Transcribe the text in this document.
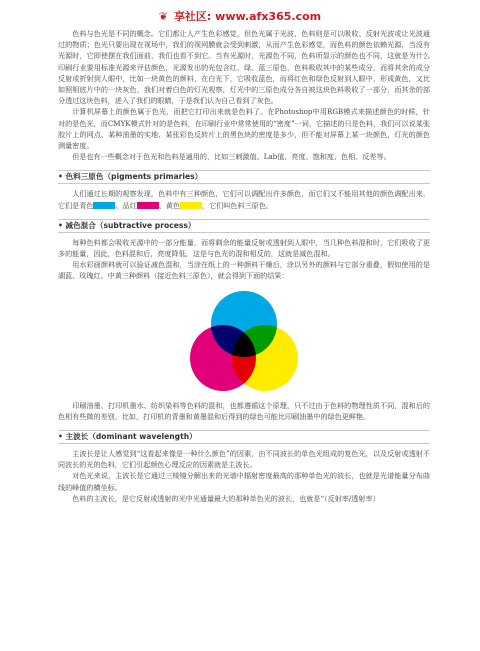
❦ 享社区: www.afx365.com

色料与色光是不同的概念。它们都让人产生色彩感觉，但色光属于光波，色料则是可以吸收、反射光波或让光波通过的物质；色光只要出现在视场中，我们的视网膜就会受到刺激，从而产生色彩感觉，而色料的颜色依赖光源，当没有光源时，它即使摆在我们面前，我们也看不到它。当有光源时，光源色不同，色料所显示的颜色也不同，这就是为什么印刷行业要用标准光源来评估颜色，光源发出的光包含红、绿、蓝三原色，色料吸收其中的某些成分，而将其余的成分反射或折射到人眼中，比如一块黄色的颜料，在白光下，它吸收蓝色，而将红色和绿色反射到人眼中，形成黄色，又比如照相底片中的一块灰色，我们对着白色的灯光观察，灯光中的三原色成分各自被这块色料吸收了一部分，而其余的部分透过这块色料，进入了我们的眼睛，于是我们认为自己看到了灰色。

计算机屏幕上的颜色属于色光，而把它打印出来就是色料了。在Photoshop中用RGB模式来描述颜色的时候，针对的是色光，而CMYK模式针对的是色料，在印刷行业中常常使用的“密度”一词，它描述的只是色料，我们可以说某张胶片上的网点、某种油墨的实地、某张彩色反转片上的黑色块的密度是多少，但不能对屏幕上某一块颜色，灯光的颜色测量密度。

但是也有一些概念对于色光和色料是通用的，比如三刺激值、Lab值、亮度、饱和度、色相、反差等。

• 色料三原色（pigments primaries）

人们通过长期的观察发现，色料中有三种颜色，它们可以调配出许多颜色，而它们又不能用其他的颜色调配出来，它们是青色	、品红	、黄色	，它们叫色料三原色。

• 减色混合（subtractive process）

每种色料都会吸收光源中的一部分能量，而将剩余的能量反射或透射到人眼中，当几种色料混和时，它们吸收了更多的能量，因此，色料混和后，亮度降低，这是与色光的混和相反的，这就是减色混和。

用水彩画颜料就可以验证减色混和，当涂在纸上的一种颜料干燥后，涂以另外的颜料与它部分重叠，假如使用的是湖蓝、玫瑰红、中黄三种颜料（接近色料三原色），就会得到下面的结果：

印刷油墨、打印机墨水、纺织染料等色料的混和，也都遵循这个原理，只不过由于色料的物理性质不同，混和后的色相有些微的差别，比如，打印机的青墨和黄墨混和后得到的绿色可能比印刷油墨中的绿色更鲜艳。

• 主波长（dominant wavelength）

主波长是让人感觉到“这看起来像是一种什么颜色”的因素，由不同波长的单色光组成的复色光，以及反射或透射不同波长的光的色料，它们引起颜色心理反应的因素就是主波长。

对色光来说，主波长是它通过三棱镜分解出来的光谱中辐射密度最高的那种单色光的波长，也就是光谱能量分布曲线的峰值的横坐标。

色料的主波长，是它反射或透射的光中光通量最大的那种单色光的波长，也就是“（反射率/透射率）
